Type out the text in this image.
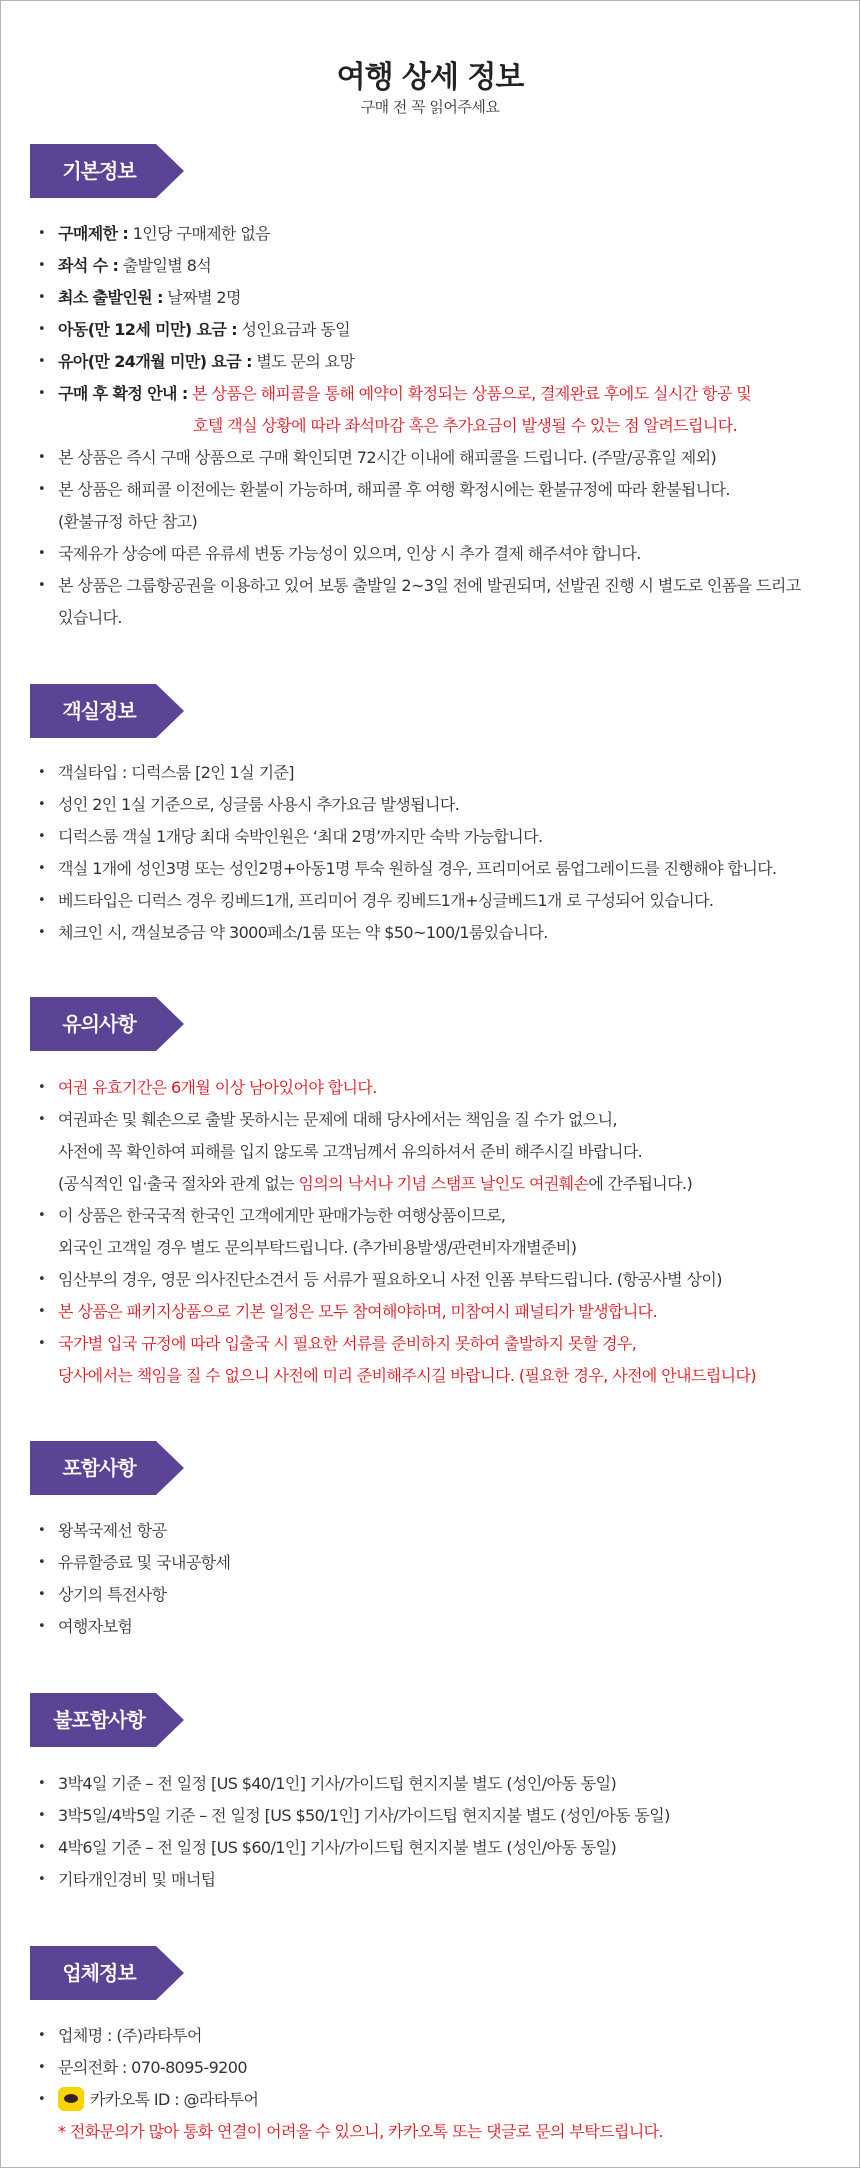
여행 상세 정보
구매 전 꼭 읽어주세요
기본정보
• 구매제한 : 1인당 구매제한 없음
• 좌석 수 : 출발일별 8석
• 최소 출발인원 : 날짜별 2명
• 아동(만 12세 미만) 요금 : 성인요금과 동일
• 유아(만 24개월 미만) 요금 : 별도 문의 요망
• 구매 후 확정 안내 : 본 상품은 해피콜을 통해 예약이 확정되는 상품으로, 결제완료 후에도 실시간 항공 및
호텔 객실 상황에 따라 좌석마감 혹은 추가요금이 발생될 수 있는 점 알려드립니다.
• 본 상품은 즉시 구매 상품으로 구매 확인되면 72시간 이내에 해피콜을 드립니다. (주말/공휴일 제외)
• 본 상품은 해피콜 이전에는 환불이 가능하며, 해피콜 후 여행 확정시에는 환불규정에 따라 환불됩니다.
(환불규정 하단 참고)
• 국제유가 상승에 따른 유류세 변동 가능성이 있으며, 인상 시 추가 결제 해주셔야 합니다.
• 본 상품은 그룹항공권을 이용하고 있어 보통 출발일 2~3일 전에 발권되며, 선발권 진행 시 별도로 인폼을 드리고
있습니다.
객실정보
• 객실타입 : 디럭스룸 [2인 1실 기준]
• 성인 2인 1실 기준으로, 싱글룸 사용시 추가요금 발생됩니다.
• 디럭스룸 객실 1개당 최대 숙박인원은 ‘최대 2명’까지만 숙박 가능합니다.
• 객실 1개에 성인3명 또는 성인2명+아동1명 투숙 원하실 경우, 프리미어로 룸업그레이드를 진행해야 합니다.
• 베드타입은 디럭스 경우 킹베드1개, 프리미어 경우 킹베드1개+싱글베드1개 로 구성되어 있습니다.
• 체크인 시, 객실보증금 약 3000페소/1룸 또는 약 $50~100/1룸있습니다.
유의사항
• 여권 유효기간은 6개월 이상 남아있어야 합니다.
• 여권파손 및 훼손으로 출발 못하시는 문제에 대해 당사에서는 책임을 질 수가 없으니,
사전에 꼭 확인하여 피해를 입지 않도록 고객님께서 유의하셔서 준비 해주시길 바랍니다.
(공식적인 입·출국 절차와 관계 없는 임의의 낙서나 기념 스탬프 날인도 여권훼손에 간주됩니다.)
• 이 상품은 한국국적 한국인 고객에게만 판매가능한 여행상품이므로,
외국인 고객일 경우 별도 문의부탁드립니다. (추가비용발생/관련비자개별준비)
• 임산부의 경우, 영문 의사진단소견서 등 서류가 필요하오니 사전 인폼 부탁드립니다. (항공사별 상이)
• 본 상품은 패키지상품으로 기본 일정은 모두 참여해야하며, 미참여시 패널티가 발생합니다.
• 국가별 입국 규정에 따라 입출국 시 필요한 서류를 준비하지 못하여 출발하지 못할 경우,
당사에서는 책임을 질 수 없으니 사전에 미리 준비해주시길 바랍니다. (필요한 경우, 사전에 안내드립니다)
포함사항
• 왕복국제선 항공
• 유류할증료 및 국내공항세
• 상기의 특전사항
• 여행자보험
불포함사항
• 3박4일 기준 – 전 일정 [US $40/1인] 기사/가이드팁 현지지불 별도 (성인/아동 동일)
• 3박5일/4박5일 기준 – 전 일정 [US $50/1인] 기사/가이드팁 현지지불 별도 (성인/아동 동일)
• 4박6일 기준 – 전 일정 [US $60/1인] 기사/가이드팁 현지지불 별도 (성인/아동 동일)
• 기타개인경비 및 매너팁
업체정보
• 업체명 : (주)라타투어
• 문의전화 : 070-8095-9200
• 카카오톡 ID : @라타투어
* 전화문의가 많아 통화 연결이 어려울 수 있으니, 카카오톡 또는 댓글로 문의 부탁드립니다.
